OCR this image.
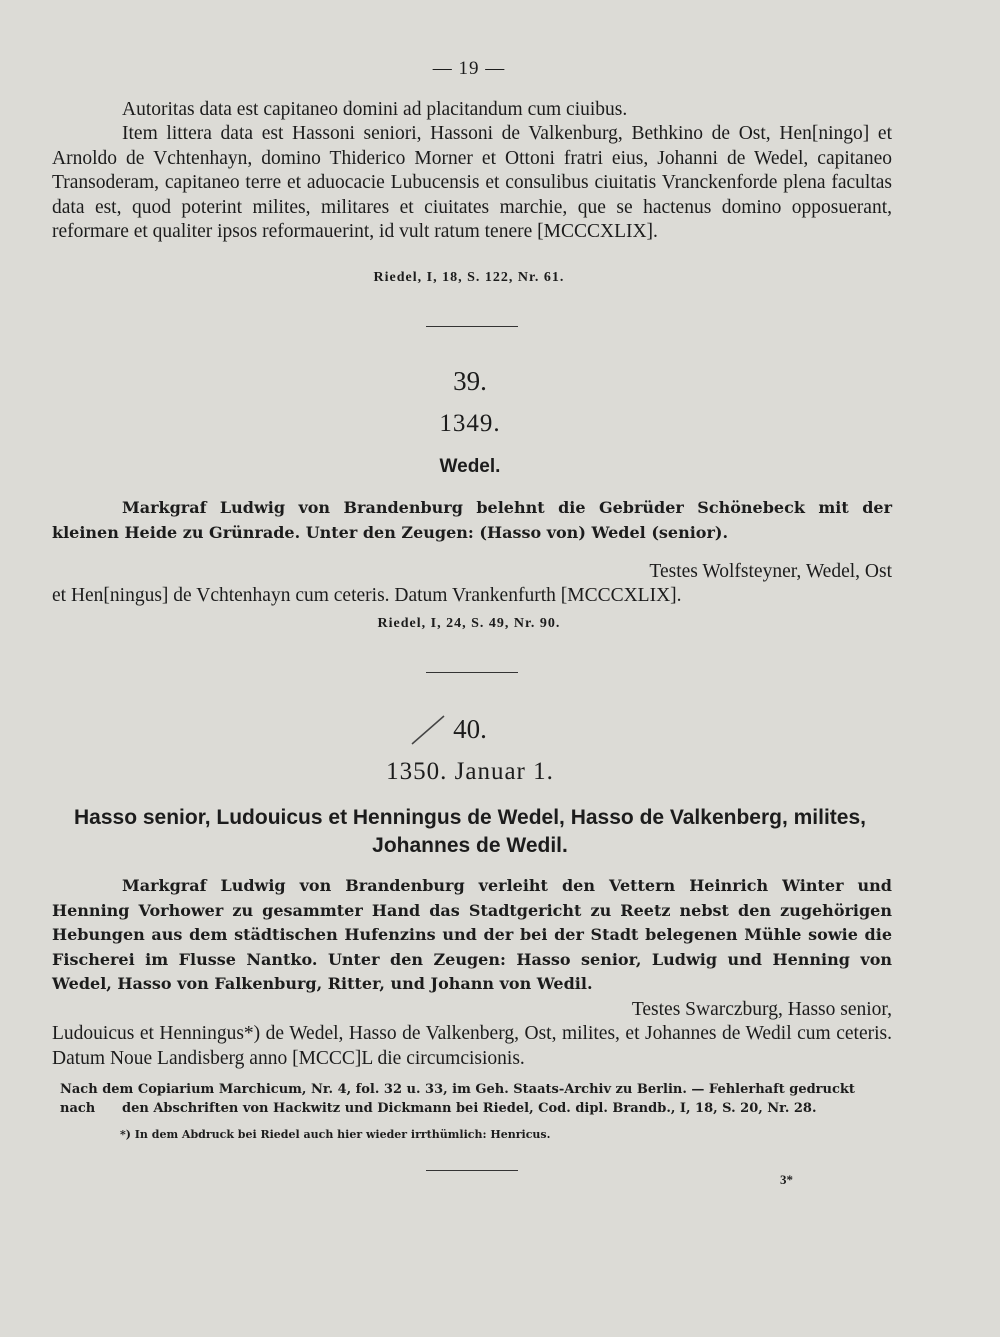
— 19 —
Autoritas data est capitaneo domini ad placitandum cum ciuibus.
Item littera data est Hassoni seniori, Hassoni de Valkenburg, Bethkino de Ost, Hen[ningo] et Arnoldo de Vchtenhayn, domino Thiderico Morner et Ottoni fratri eius, Johanni de Wedel, capitaneo Transoderam, capitaneo terre et aduocacie Lubucensis et consulibus ciuitatis Vranckenforde plena facultas data est, quod poterint milites, militares et ciuitates marchie, que se hactenus domino opposuerant, reformare et qualiter ipsos reformauerint, id vult ratum tenere [MCCCXLIX].
Riedel, I, 18, S. 122, Nr. 61.
39.
1349.
Wedel.
Markgraf Ludwig von Brandenburg belehnt die Gebrüder Schönebeck mit der kleinen Heide zu Grünrade. Unter den Zeugen: (Hasso von) Wedel (senior).
Testes Wolfsteyner, Wedel, Ost
et Hen[ningus] de Vchtenhayn cum ceteris. Datum Vrankenfurth [MCCCXLIX].
Riedel, I, 24, S. 49, Nr. 90.
40.
1350. Januar 1.
Hasso senior, Ludouicus et Henningus de Wedel, Hasso de Valkenberg, milites, Johannes de Wedil.
Markgraf Ludwig von Brandenburg verleiht den Vettern Heinrich Winter und Henning Vorhower zu gesammter Hand das Stadtgericht zu Reetz nebst den zugehörigen Hebungen aus dem städtischen Hufenzins und der bei der Stadt belegenen Mühle sowie die Fischerei im Flusse Nantko. Unter den Zeugen: Hasso senior, Ludwig und Henning von Wedel, Hasso von Falkenburg, Ritter, und Johann von Wedil.
Testes Swarczburg, Hasso senior,
Ludouicus et Henningus*) de Wedel, Hasso de Valkenberg, Ost, milites, et Johannes de Wedil cum ceteris. Datum Noue Landisberg anno [MCCC]L die circumcisionis.
Nach dem Copiarium Marchicum, Nr. 4, fol. 32 u. 33, im Geh. Staats-Archiv zu Berlin. — Fehlerhaft gedruckt nach	den Abschriften von Hackwitz und Dickmann bei Riedel, Cod. dipl. Brandb., I, 18, S. 20, Nr. 28.
*) In dem Abdruck bei Riedel auch hier wieder irrthümlich: Henricus.
3*
